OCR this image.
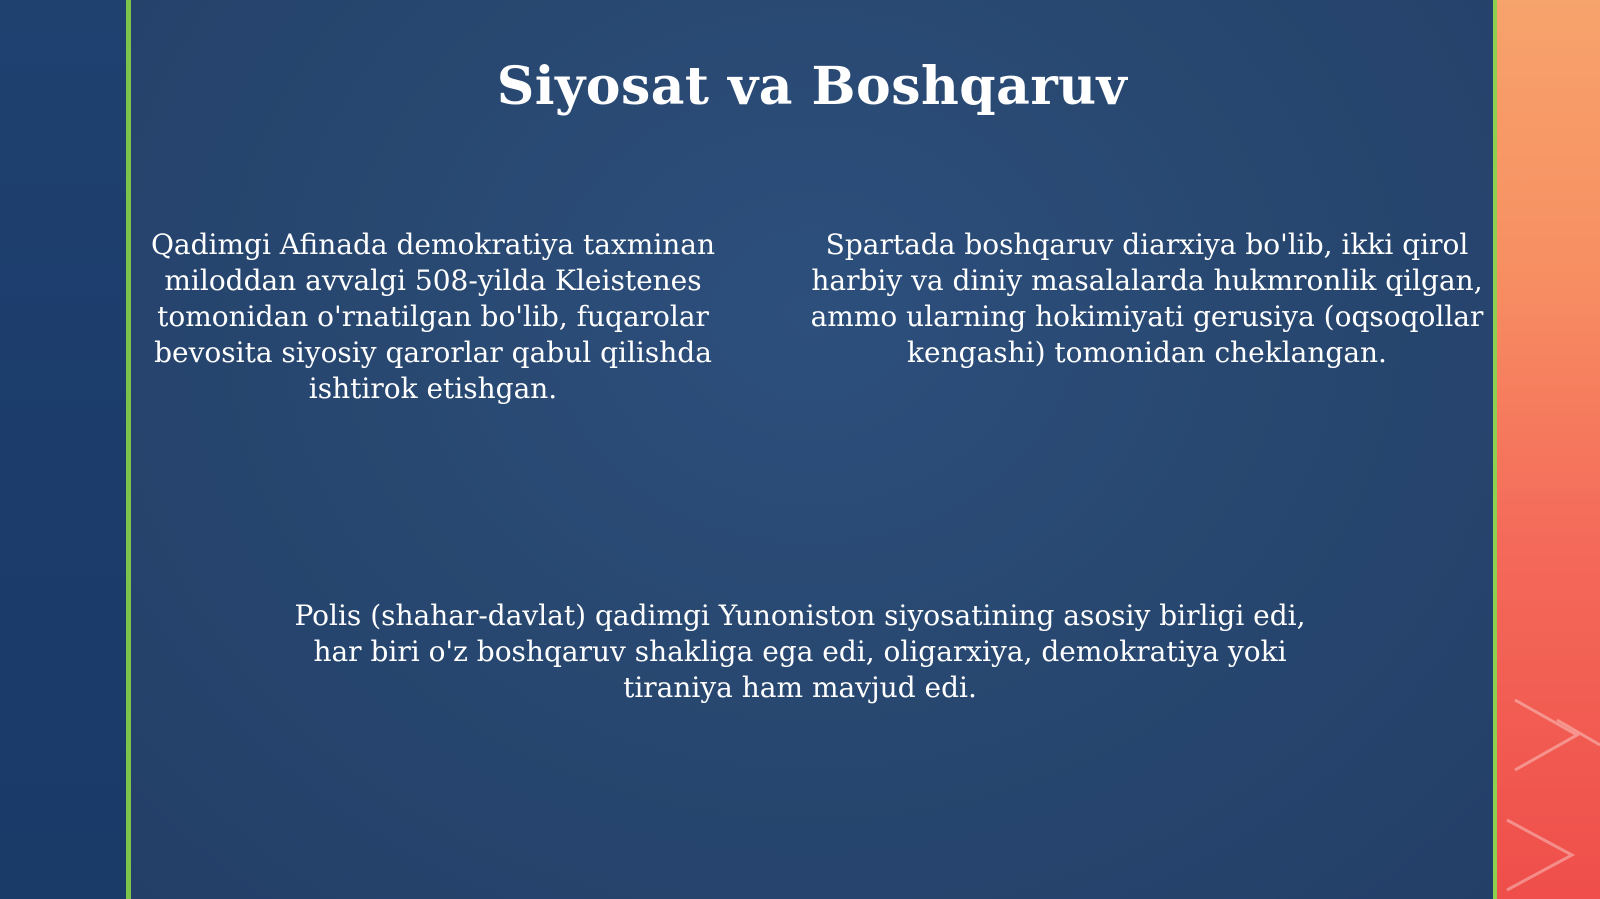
Siyosat va Boshqaruv

Qadimgi Afinada demokratiya taxminan miloddan avvalgi 508-yilda Kleistenes tomonidan o'rnatilgan bo'lib, fuqarolar bevosita siyosiy qarorlar qabul qilishda ishtirok etishgan.

Spartada boshqaruv diarxiya bo'lib, ikki qirol harbiy va diniy masalalarda hukmronlik qilgan, ammo ularning hokimiyati gerusiya (oqsoqollar kengashi) tomonidan cheklangan.

Polis (shahar-davlat) qadimgi Yunoniston siyosatining asosiy birligi edi, har biri o'z boshqaruv shakliga ega edi, oligarxiya, demokratiya yoki tiraniya ham mavjud edi.
